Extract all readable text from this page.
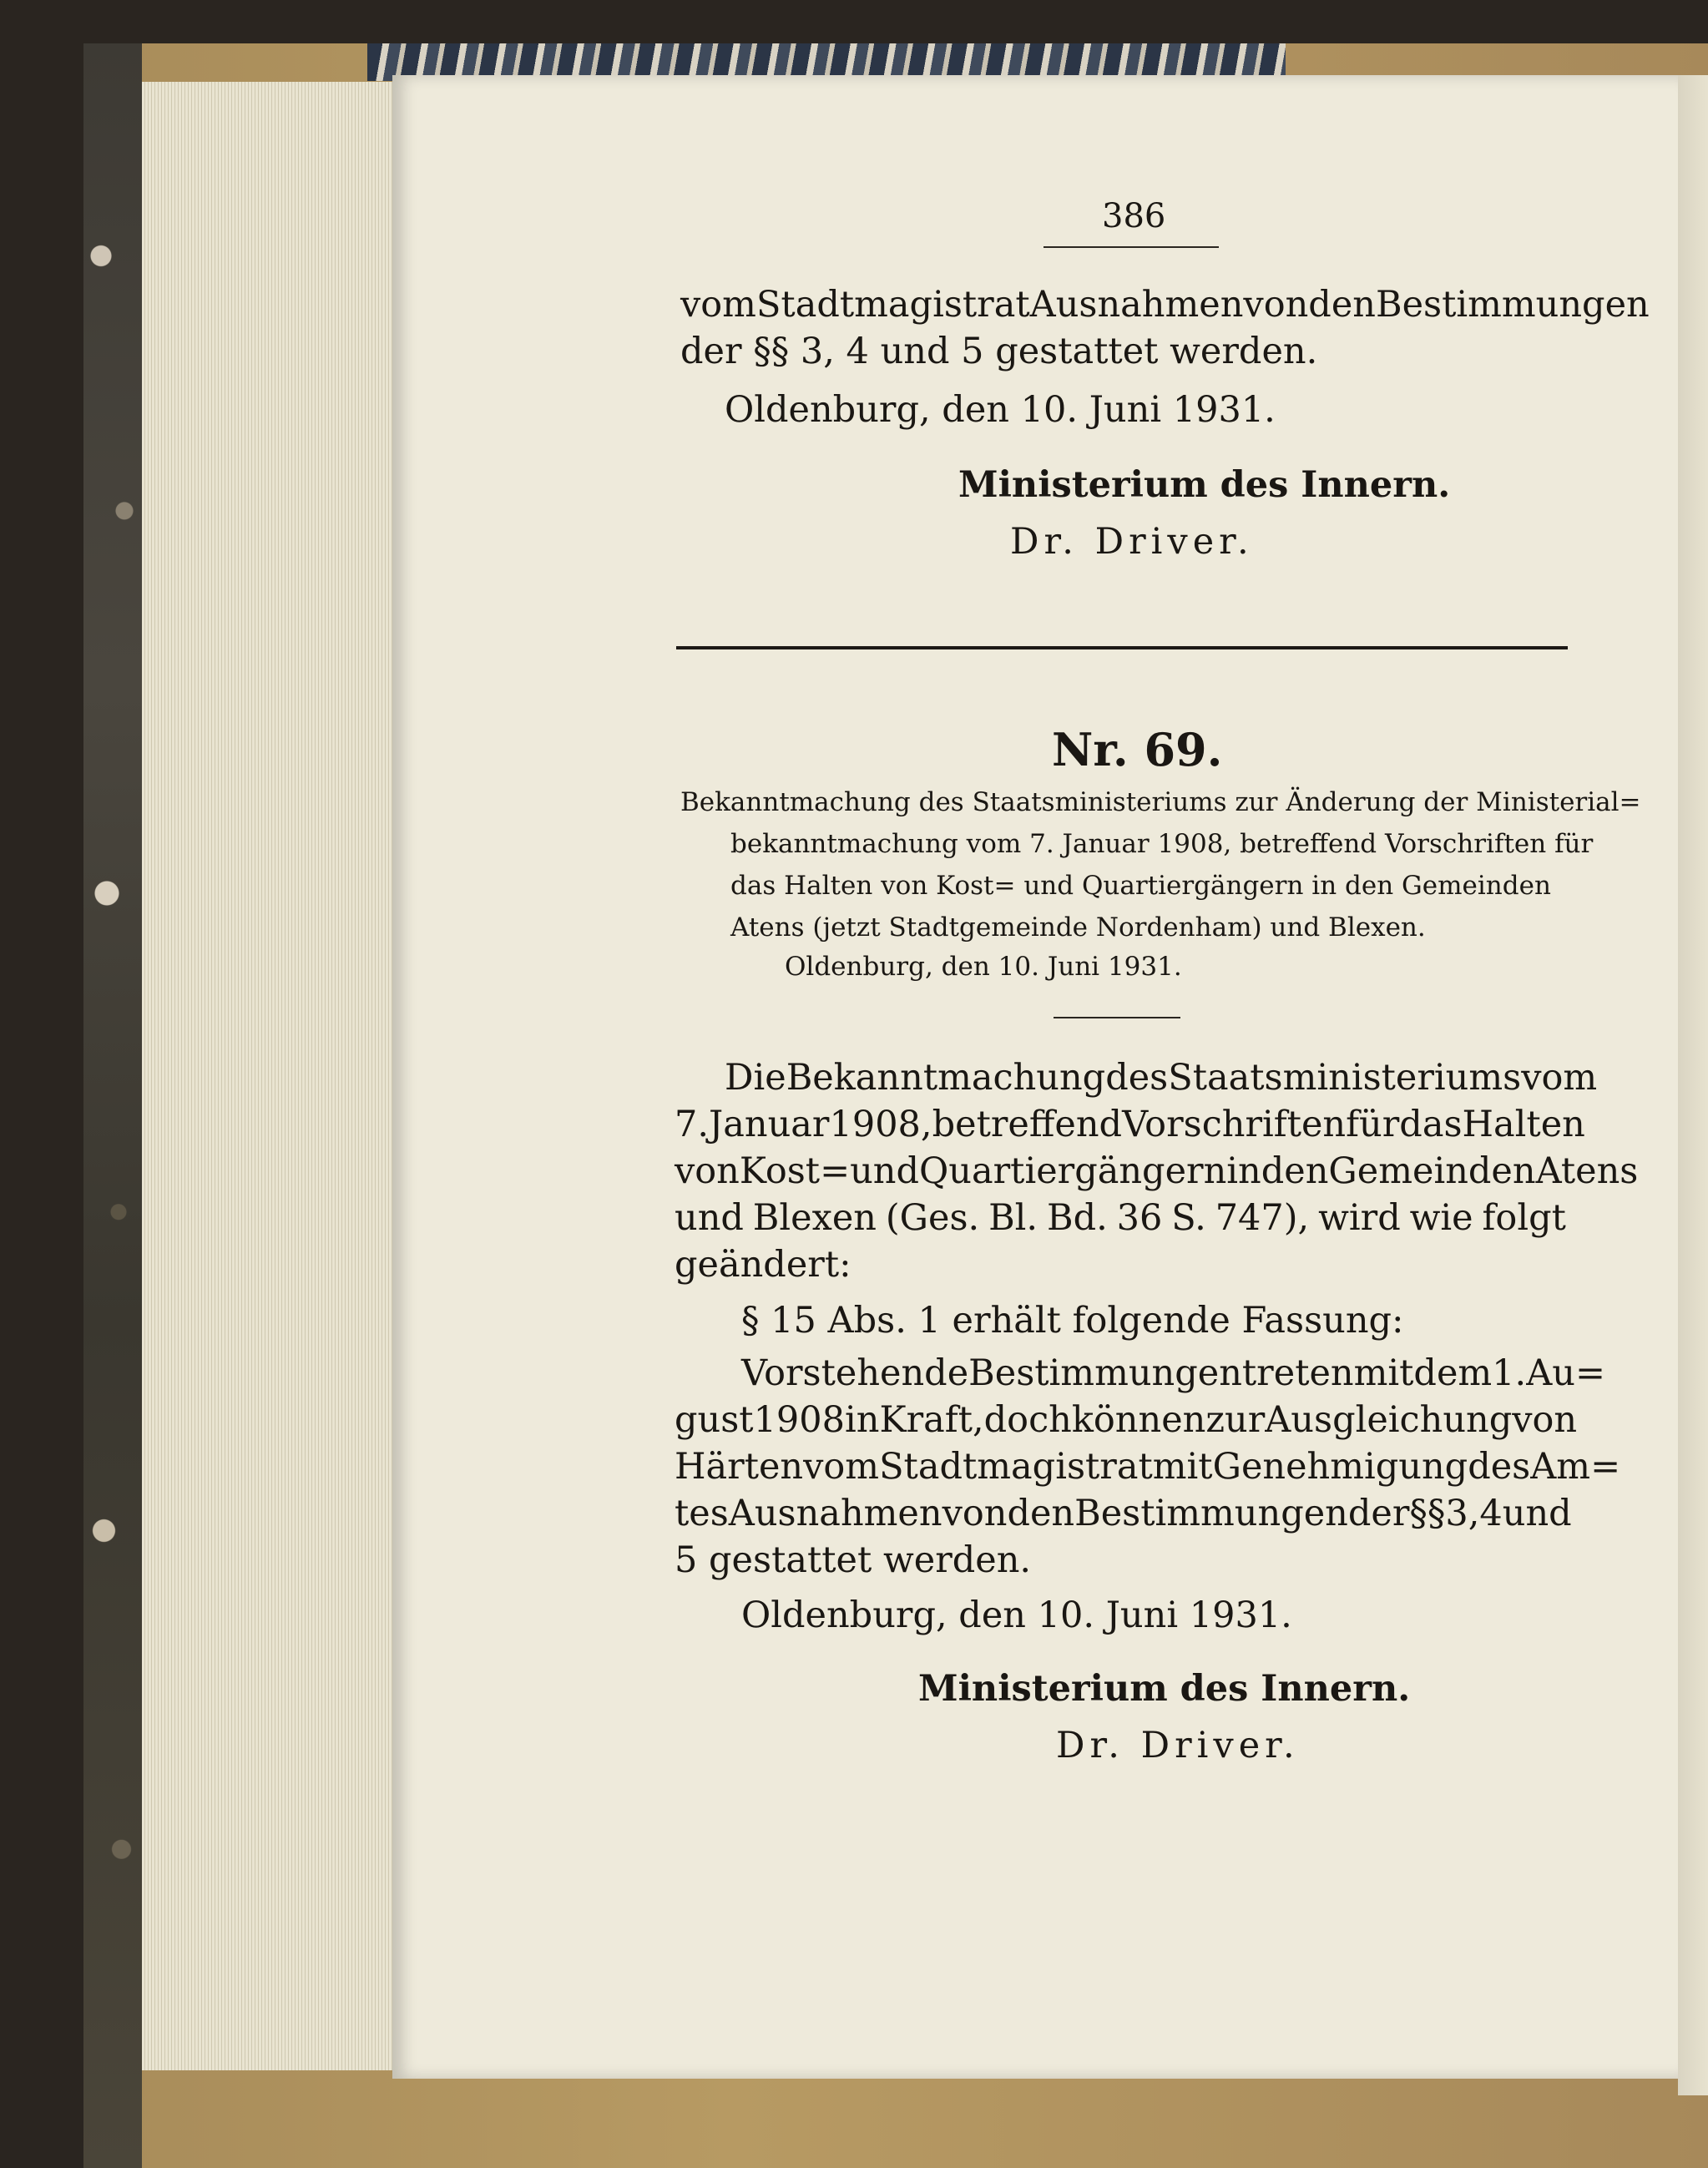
386
vom Stadtmagistrat Ausnahmen von den Bestimmungen
der §§ 3, 4 und 5 gestattet werden.
Oldenburg, den 10. Juni 1931.
Ministerium des Innern.
Dr. Driver.
Nr. 69.
Bekanntmachung des Staatsministeriums zur Änderung der Ministerial=
bekanntmachung vom 7. Januar 1908, betreffend Vorschriften für
das Halten von Kost= und Quartiergängern in den Gemeinden
Atens (jetzt Stadtgemeinde Nordenham) und Blexen.
Oldenburg, den 10. Juni 1931.
Die Bekanntmachung des Staatsministeriums vom
7. Januar 1908, betreffend Vorschriften für das Halten
von Kost= und Quartiergängern in den Gemeinden Atens
und Blexen (Ges. Bl. Bd. 36 S. 747), wird wie folgt
geändert:
§ 15 Abs. 1 erhält folgende Fassung:
Vorstehende Bestimmungen treten mit dem 1. Au=
gust 1908 in Kraft, doch können zur Ausgleichung von
Härten vom Stadtmagistrat mit Genehmigung des Am=
tes Ausnahmen von den Bestimmungen der §§ 3, 4 und
5 gestattet werden.
Oldenburg, den 10. Juni 1931.
Ministerium des Innern.
Dr. Driver.
